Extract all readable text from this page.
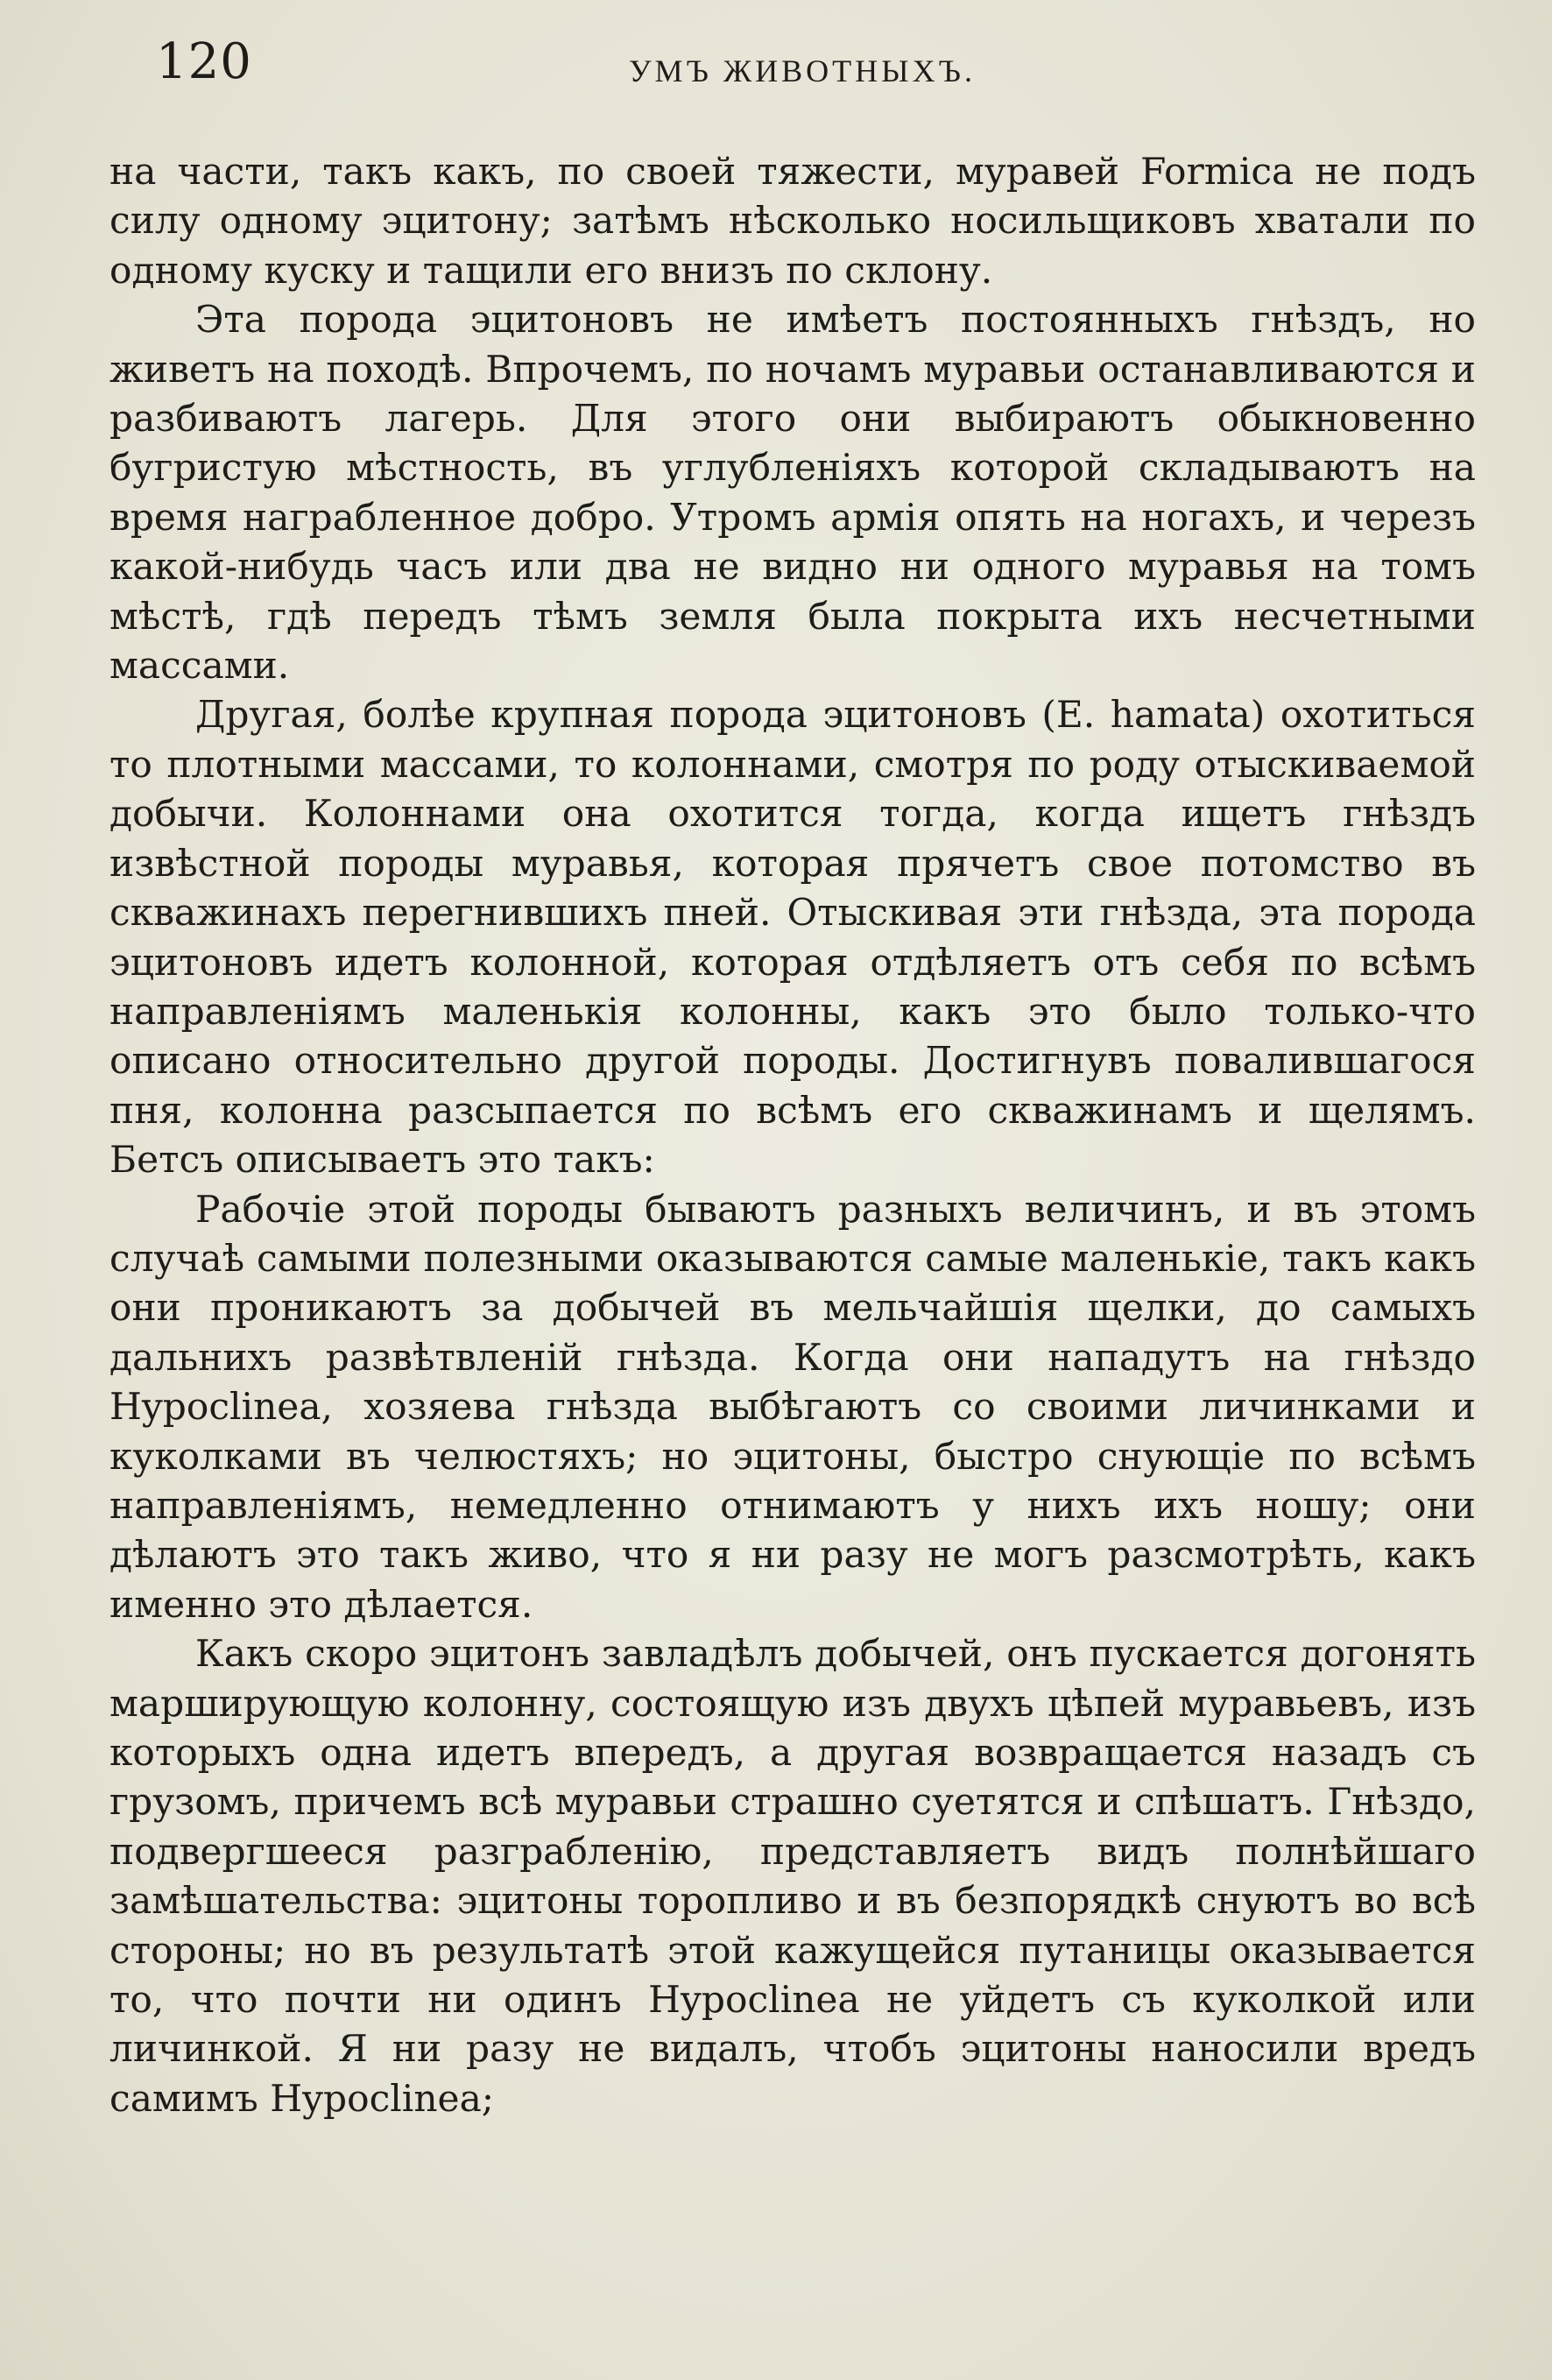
120	УМЪ ЖИВОТНЫХЪ.

на части, такъ какъ, по своей тяжести, муравей Formica не подъ силу одному эцитону; затѣмъ нѣсколько носильщиковъ хватали по одному куску и тащили его внизъ по склону.

Эта порода эцитоновъ не имѣетъ постоянныхъ гнѣздъ, но живетъ на походѣ. Впрочемъ, по ночамъ муравьи останавливаются и разбиваютъ лагерь. Для этого они выбираютъ обыкновенно бугристую мѣстность, въ углубленіяхъ которой складываютъ на время награбленное добро. Утромъ армія опять на ногахъ, и черезъ какой-нибудь часъ или два не видно ни одного муравья на томъ мѣстѣ, гдѣ передъ тѣмъ земля была покрыта ихъ несчетными массами.

Другая, болѣе крупная порода эцитоновъ (E. hamata) охотиться то плотными массами, то колоннами, смотря по роду отыскиваемой добычи. Колоннами она охотится тогда, когда ищетъ гнѣздъ извѣстной породы муравья, которая прячетъ свое потомство въ скважинахъ перегнившихъ пней. Отыскивая эти гнѣзда, эта порода эцитоновъ идетъ колонной, которая отдѣляетъ отъ себя по всѣмъ направленіямъ маленькія колонны, какъ это было только-что описано относительно другой породы. Достигнувъ повалившагося пня, колонна разсыпается по всѣмъ его скважинамъ и щелямъ. Бетсъ описываетъ это такъ:

Рабочіе этой породы бываютъ разныхъ величинъ, и въ этомъ случаѣ самыми полезными оказываются самые маленькіе, такъ какъ они проникаютъ за добычей въ мельчайшія щелки, до самыхъ дальнихъ развѣтвленій гнѣзда. Когда они нападутъ на гнѣздо Hypoclinea, хозяева гнѣзда выбѣгаютъ со своими личинками и куколками въ челюстяхъ; но эцитоны, быстро снующіе по всѣмъ направленіямъ, немедленно отнимаютъ у нихъ ихъ ношу; они дѣлаютъ это такъ живо, что я ни разу не могъ разсмотрѣть, какъ именно это дѣлается.

Какъ скоро эцитонъ завладѣлъ добычей, онъ пускается догонять марширующую колонну, состоящую изъ двухъ цѣпей муравьевъ, изъ которыхъ одна идетъ впередъ, а другая возвращается назадъ съ грузомъ, причемъ всѣ муравьи страшно суетятся и спѣшатъ. Гнѣздо, подвергшееся разграбленію, представляетъ видъ полнѣйшаго замѣшательства: эцитоны торопливо и въ безпорядкѣ снуютъ во всѣ стороны; но въ результатѣ этой кажущейся путаницы оказывается то, что почти ни одинъ Hypoclinea не уйдетъ съ куколкой или личинкой. Я ни разу не видалъ, чтобъ эцитоны наносили вредъ самимъ Hypoclinea;
